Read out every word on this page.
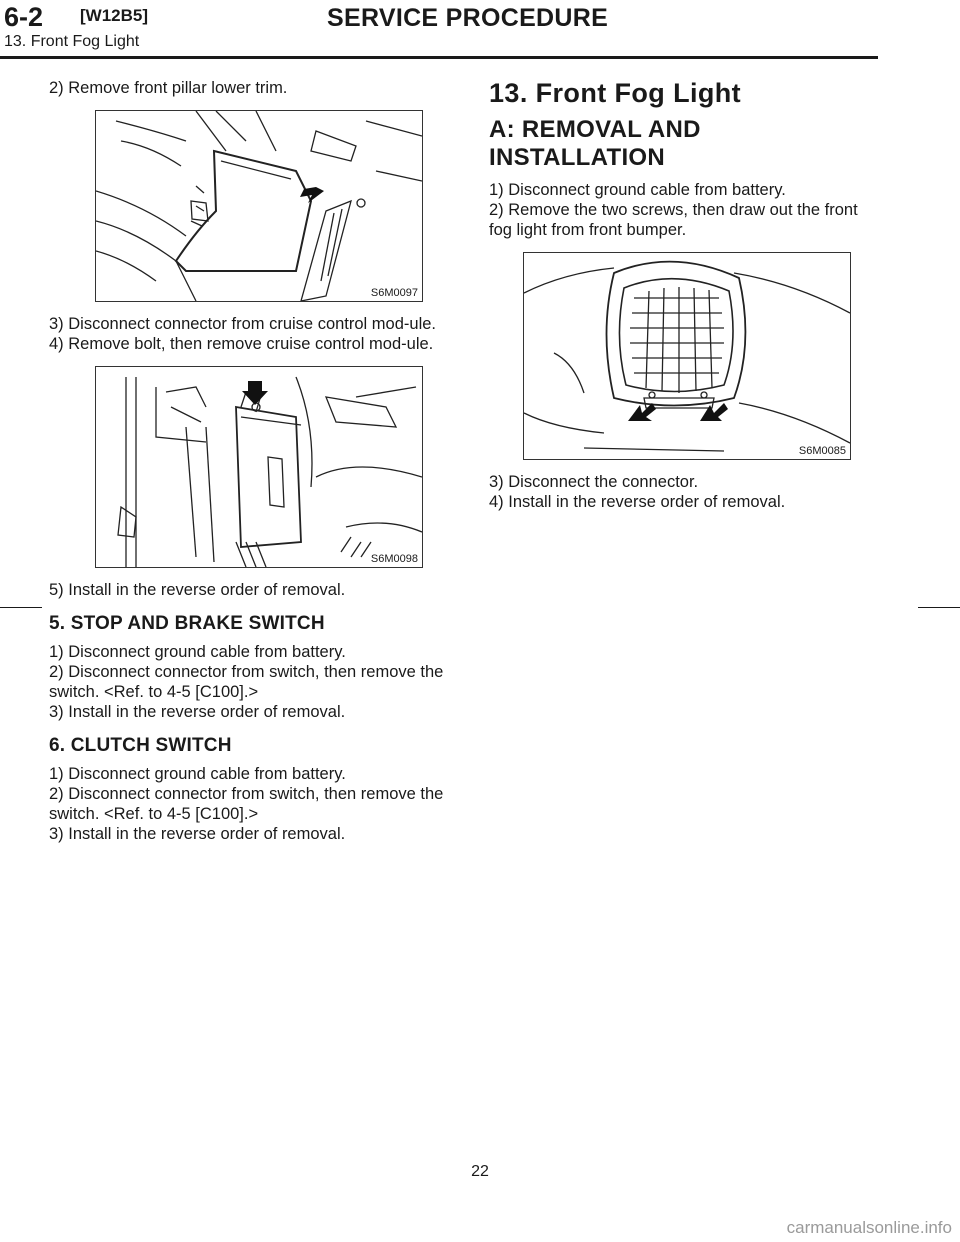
6-2 [W12B5]	SERVICE PROCEDURE
13. Front Fog Light

2) Remove front pillar lower trim.

S6M0097

3) Disconnect connector from cruise control mod-ule.

4) Remove bolt, then remove cruise control mod-ule.

S6M0098

5) Install in the reverse order of removal.

5. STOP AND BRAKE SWITCH

1) Disconnect ground cable from battery.

2) Disconnect connector from switch, then remove the switch. <Ref. to 4-5 [C100].>

3) Install in the reverse order of removal.

6. CLUTCH SWITCH

1) Disconnect ground cable from battery.

2) Disconnect connector from switch, then remove the switch. <Ref. to 4-5 [C100].>

3) Install in the reverse order of removal.

13. Front Fog Light
A: REMOVAL AND INSTALLATION

1) Disconnect ground cable from battery.

2) Remove the two screws, then draw out the front fog light from front bumper.

S6M0085

3) Disconnect the connector.

4) Install in the reverse order of removal.

22
carmanualsonline.info
